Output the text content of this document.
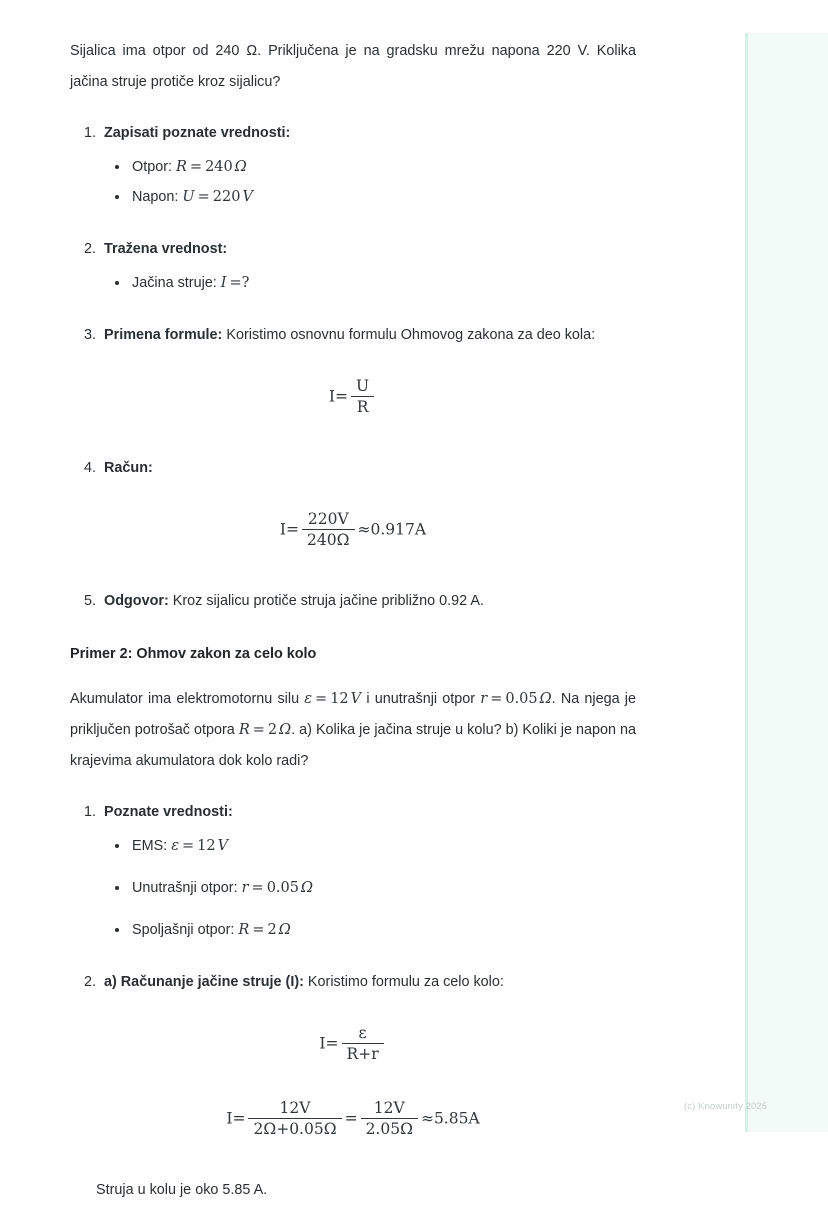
Sijalica ima otpor od 240 Ω. Priključena je na gradsku mrežu napona 220 V. Kolika jačina struje protiče kroz sijalicu?

1. Zapisati poznate vrednosti:
• Otpor: R = 240 Ω
• Napon: U = 220 V
2. Tražena vrednost:
• Jačina struje: I =?
3. Primena formule: Koristimo osnovnu formulu Ohmovog zakona za deo kola:
$I= \frac{U}{R}$
4. Račun:
$I= \frac{220V}{240\Omega} \approx 0.917A$
5. Odgovor: Kroz sijalicu protiče struja jačine približno 0.92 A.
Primer 2: Ohmov zakon za celo kolo

Akumulator ima elektromotornu silu ε = 12 V i unutrašnji otpor r = 0.05 Ω. Na njega je priključen potrošač otpora R = 2 Ω. a) Kolika je jačina struje u kolu? b) Koliki je napon na krajevima akumulatora dok kolo radi?

1. Poznate vrednosti:
• EMS: ε = 12 V
• Unutrašnji otpor: r = 0.05 Ω
• Spoljašnji otpor: R = 2 Ω
2. a) Računanje jačine struje (I): Koristimo formulu za celo kolo:
$I= \frac{\varepsilon}{R+r}$
$I= \frac{12V}{2\Omega+0.05\Omega} = \frac{12V}{2.05\Omega} \approx 5.85A$

Struja u kolu je oko 5.85 A.

(c) Knowunity 2025
